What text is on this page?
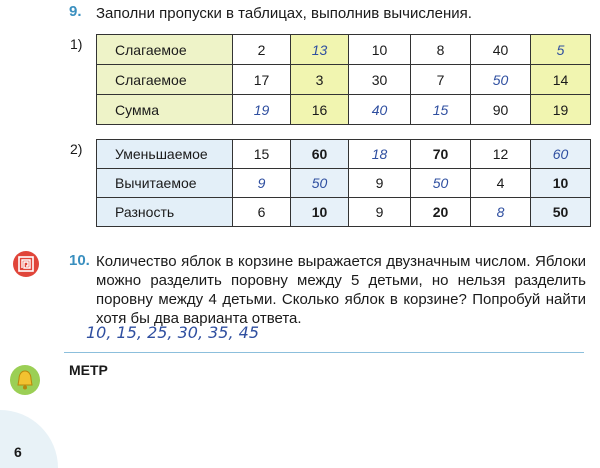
9. Заполни пропуски в таблицах, выполнив вычисления.
1) Слагаемое	2	13	10	8	40	5
Слагаемое	17	3	30	7	50	14
Сумма	19	16	40	15	90	19
2) Уменьшаемое	15	60	18	70	12	60
Вычитаемое	9	50	9	50	4	10
Разность	6	10	9	20	8	50
10. Количество яблок в корзине выражается двузначным числом. Яблоки можно разделить поровну между 5 детьми, но нельзя разделить поровну между 4 детьми. Сколько яблок в корзине? Попробуй найти хотя бы два варианта ответа.
10, 15, 25, 30, 35, 45
МЕТР
6
